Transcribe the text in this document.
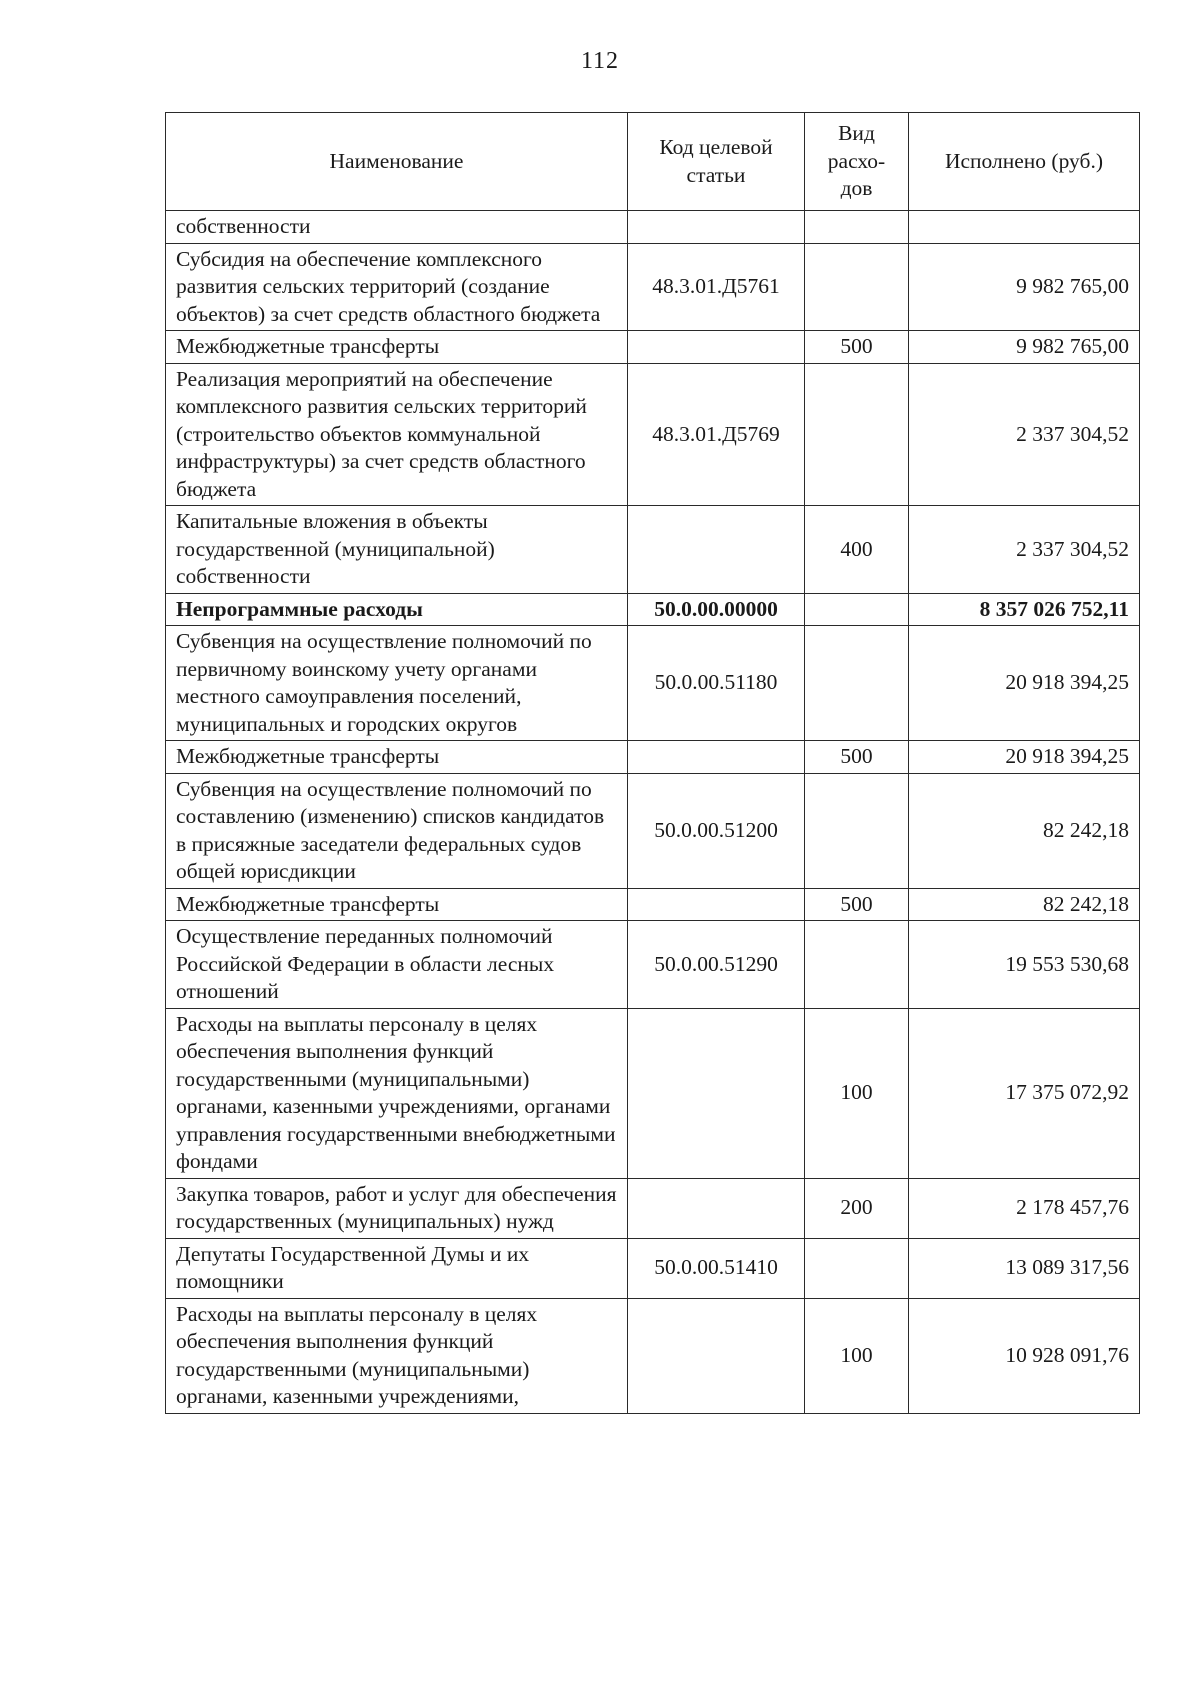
112
Наименование	Код целевой статьи	Вид расхо-дов	Исполнено (руб.)
собственности			
Субсидия на обеспечение комплексного развития сельских территорий (создание объектов) за счет средств областного бюджета	48.3.01.Д5761		9 982 765,00
Межбюджетные трансферты		500	9 982 765,00
Реализация мероприятий на обеспечение комплексного развития сельских территорий (строительство объектов коммунальной инфраструктуры) за счет средств областного бюджета	48.3.01.Д5769		2 337 304,52
Капитальные вложения в объекты государственной (муниципальной) собственности		400	2 337 304,52
Непрограммные расходы	50.0.00.00000		8 357 026 752,11
Субвенция на осуществление полномочий по первичному воинскому учету органами местного самоуправления поселений, муниципальных и городских округов	50.0.00.51180		20 918 394,25
Межбюджетные трансферты		500	20 918 394,25
Субвенция на осуществление полномочий по составлению (изменению) списков кандидатов в присяжные заседатели федеральных судов общей юрисдикции	50.0.00.51200		82 242,18
Межбюджетные трансферты		500	82 242,18
Осуществление переданных полномочий Российской Федерации в области лесных отношений	50.0.00.51290		19 553 530,68
Расходы на выплаты персоналу в целях обеспечения выполнения функций государственными (муниципальными) органами, казенными учреждениями, органами управления государственными внебюджетными фондами		100	17 375 072,92
Закупка товаров, работ и услуг для обеспечения государственных (муниципальных) нужд		200	2 178 457,76
Депутаты Государственной Думы и их помощники	50.0.00.51410		13 089 317,56
Расходы на выплаты персоналу в целях обеспечения выполнения функций государственными (муниципальными) органами, казенными учреждениями,		100	10 928 091,76
